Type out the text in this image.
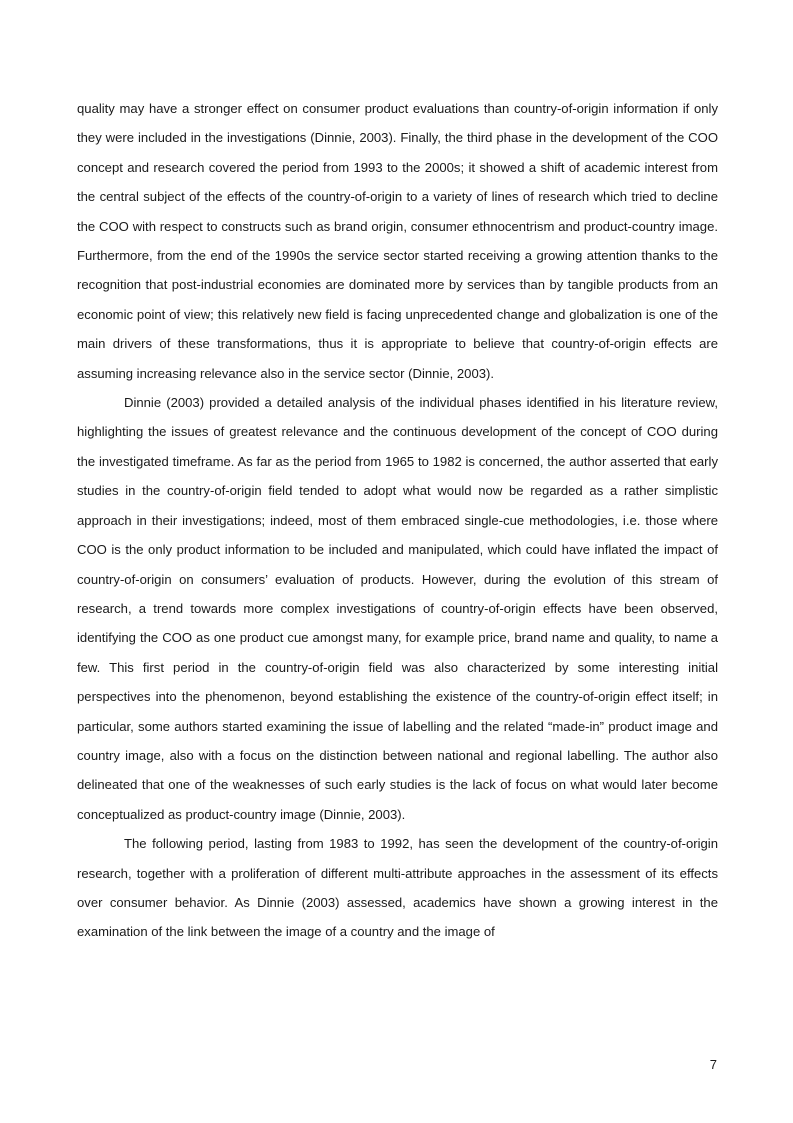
quality may have a stronger effect on consumer product evaluations than country-of-origin information if only they were included in the investigations (Dinnie, 2003). Finally, the third phase in the development of the COO concept and research covered the period from 1993 to the 2000s; it showed a shift of academic interest from the central subject of the effects of the country-of-origin to a variety of lines of research which tried to decline the COO with respect to constructs such as brand origin, consumer ethnocentrism and product-country image. Furthermore, from the end of the 1990s the service sector started receiving a growing attention thanks to the recognition that post-industrial economies are dominated more by services than by tangible products from an economic point of view; this relatively new field is facing unprecedented change and globalization is one of the main drivers of these transformations, thus it is appropriate to believe that country-of-origin effects are assuming increasing relevance also in the service sector (Dinnie, 2003).

Dinnie (2003) provided a detailed analysis of the individual phases identified in his literature review, highlighting the issues of greatest relevance and the continuous development of the concept of COO during the investigated timeframe. As far as the period from 1965 to 1982 is concerned, the author asserted that early studies in the country-of-origin field tended to adopt what would now be regarded as a rather simplistic approach in their investigations; indeed, most of them embraced single-cue methodologies, i.e. those where COO is the only product information to be included and manipulated, which could have inflated the impact of country-of-origin on consumers’ evaluation of products. However, during the evolution of this stream of research, a trend towards more complex investigations of country-of-origin effects have been observed, identifying the COO as one product cue amongst many, for example price, brand name and quality, to name a few. This first period in the country-of-origin field was also characterized by some interesting initial perspectives into the phenomenon, beyond establishing the existence of the country-of-origin effect itself; in particular, some authors started examining the issue of labelling and the related “made-in” product image and country image, also with a focus on the distinction between national and regional labelling. The author also delineated that one of the weaknesses of such early studies is the lack of focus on what would later become conceptualized as product-country image (Dinnie, 2003).

The following period, lasting from 1983 to 1992, has seen the development of the country-of-origin research, together with a proliferation of different multi-attribute approaches in the assessment of its effects over consumer behavior. As Dinnie (2003) assessed, academics have shown a growing interest in the examination of the link between the image of a country and the image of

7
